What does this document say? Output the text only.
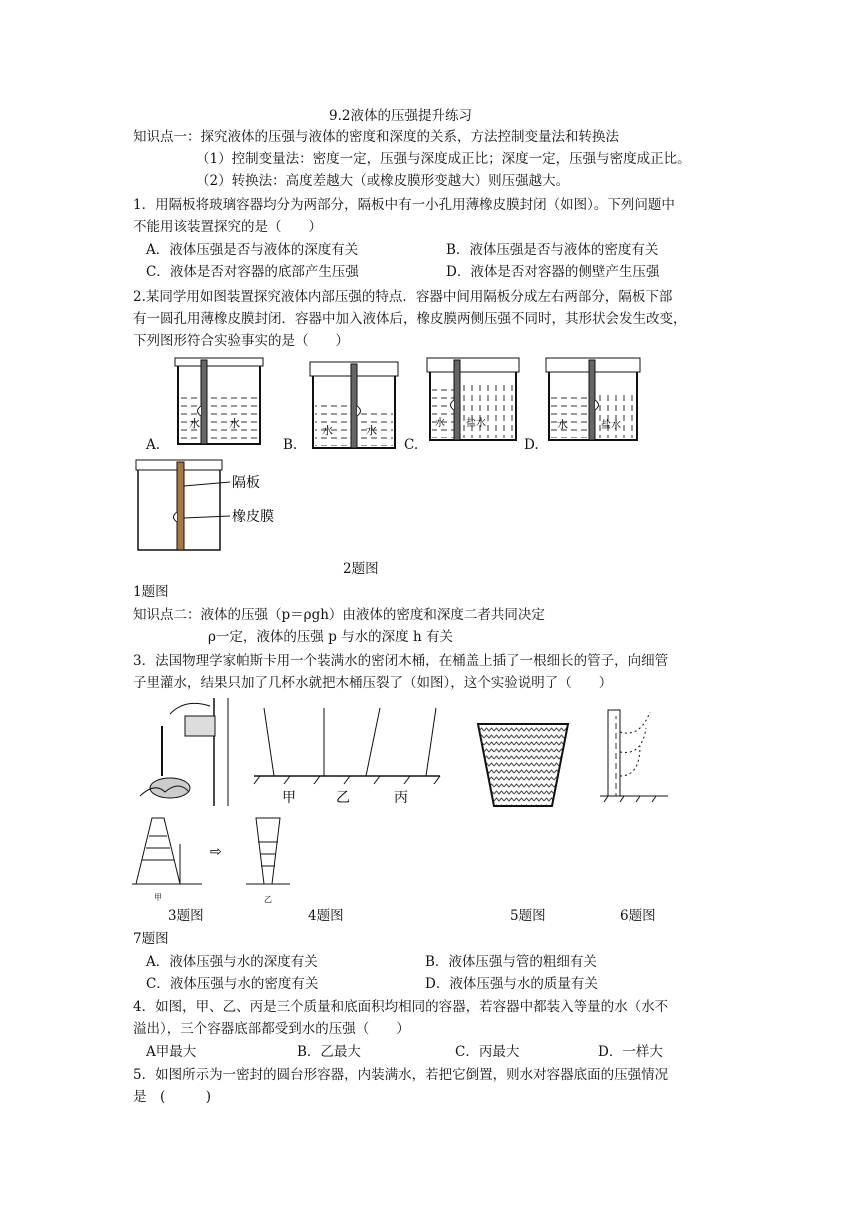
9.2液体的压强提升练习
知识点一：探究液体的压强与液体的密度和深度的关系，方法控制变量法和转换法
（1）控制变量法：密度一定，压强与深度成正比；深度一定，压强与密度成正比。
（2）转换法：高度差越大（或橡皮膜形变越大）则压强越大。
1．用隔板将玻璃容器均分为两部分，隔板中有一小孔用薄橡皮膜封闭（如图）。下列问题中
不能用该装置探究的是（　　）
A．液体压强是否与液体的深度有关	B．液体压强是否与液体的密度有关
C．液体是否对容器的底部产生压强	D．液体是否对容器的侧壁产生压强
2.某同学用如图装置探究液体内部压强的特点．容器中间用隔板分成左右两部分，隔板下部
有一圆孔用薄橡皮膜封闭．容器中加入液体后，橡皮膜两侧压强不同时，其形状会发生改变，
下列图形符合实验事实的是（　　）
水	水
水	水
水 盐水	水	盐水
A.	B.	C.	D.
隔板
橡皮膜
2题图
1题图
知识点二：液体的压强（p＝ρgh）由液体的密度和深度二者共同决定
ρ一定，液体的压强 p 与水的深度 h 有关
3．法国物理学家帕斯卡用一个装满水的密闭木桶，在桶盖上插了一根细长的管子，向细管
子里灌水，结果只加了几杯水就把木桶压裂了（如图），这个实验说明了（　　）
甲	乙	丙
甲
⇨
乙
3题图	4题图	5题图	6题图
7题图
A．液体压强与水的深度有关	B．液体压强与管的粗细有关
C．液体压强与水的密度有关	D．液体压强与水的质量有关
4．如图，甲、乙、丙是三个质量和底面积均相同的容器，若容器中都装入等量的水（水不
溢出），三个容器底部都受到水的压强（　　）
A甲最大	B．乙最大	C．丙最大	D．一样大
5．如图所示为一密封的圆台形容器，内装满水，若把它倒置，则水对容器底面的压强情况
是　(　　　)
